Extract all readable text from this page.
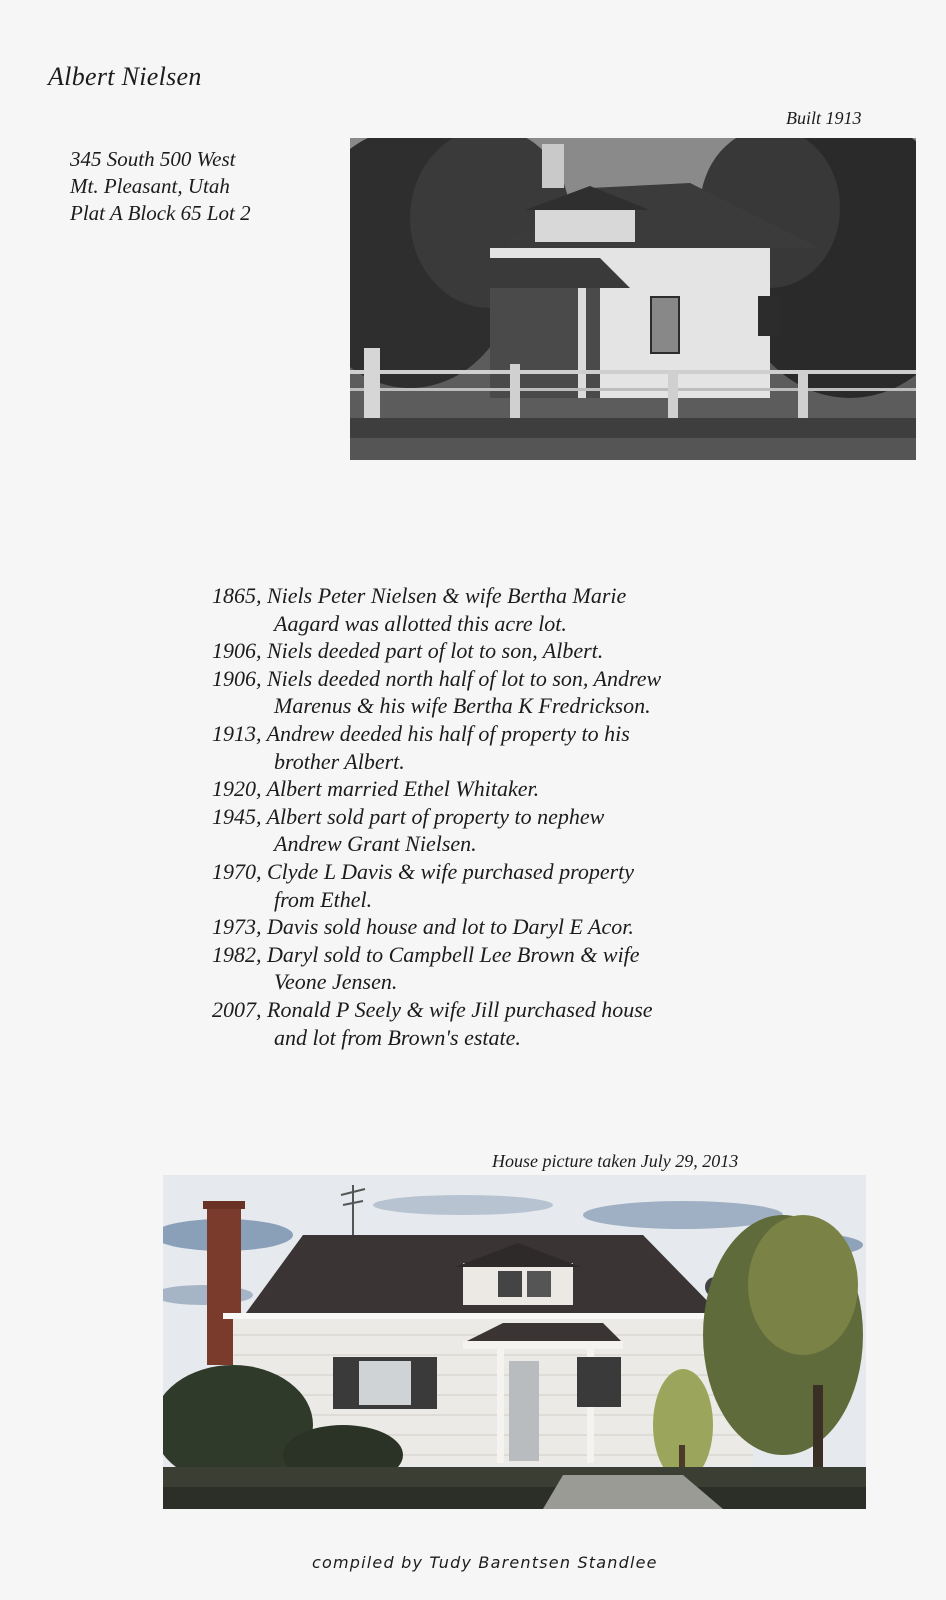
Albert Nielsen
345 South 500 West
Mt. Pleasant, Utah
Plat A Block 65 Lot 2
Built 1913
1865, Niels Peter Nielsen & wife Bertha Marie
Aagard was allotted this acre lot.
1906, Niels deeded part of lot to son, Albert.
1906, Niels deeded north half of lot to son, Andrew
Marenus & his wife Bertha K Fredrickson.
1913, Andrew deeded his half of property to his
brother Albert.
1920, Albert married Ethel Whitaker.
1945, Albert sold part of property to nephew
Andrew Grant Nielsen.
1970, Clyde L Davis & wife purchased property
from Ethel.
1973, Davis sold house and lot to Daryl E Acor.
1982, Daryl sold to Campbell Lee Brown & wife
Veone Jensen.
2007, Ronald P Seely & wife Jill purchased house
and lot from Brown's estate.
House picture taken July 29, 2013
compiled by Tudy Barentsen Standlee
